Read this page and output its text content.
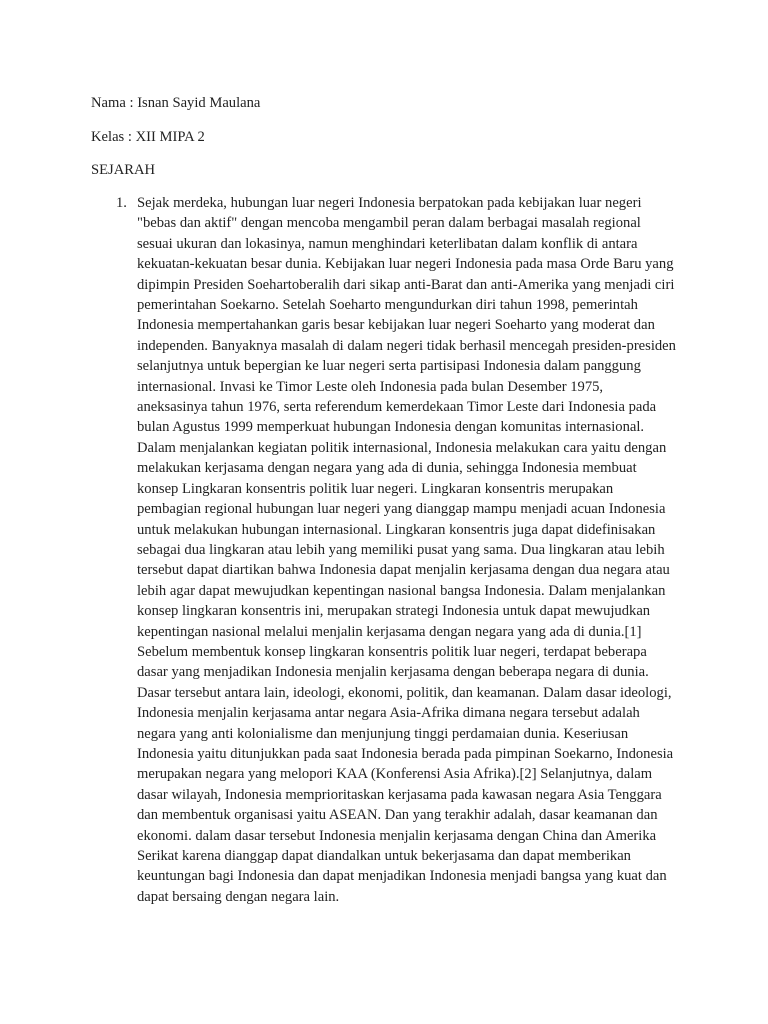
Nama : Isnan Sayid Maulana
Kelas : XII MIPA 2
SEJARAH
1. Sejak merdeka, hubungan luar negeri Indonesia berpatokan pada kebijakan luar negeri "bebas dan aktif" dengan mencoba mengambil peran dalam berbagai masalah regional sesuai ukuran dan lokasinya, namun menghindari keterlibatan dalam konflik di antara kekuatan-kekuatan besar dunia. Kebijakan luar negeri Indonesia pada masa Orde Baru yang dipimpin Presiden Soehartoberalih dari sikap anti-Barat dan anti-Amerika yang menjadi ciri pemerintahan Soekarno. Setelah Soeharto mengundurkan diri tahun 1998, pemerintah Indonesia mempertahankan garis besar kebijakan luar negeri Soeharto yang moderat dan independen. Banyaknya masalah di dalam negeri tidak berhasil mencegah presiden-presiden selanjutnya untuk bepergian ke luar negeri serta partisipasi Indonesia dalam panggung internasional. Invasi ke Timor Leste oleh Indonesia pada bulan Desember 1975, aneksasinya tahun 1976, serta referendum kemerdekaan Timor Leste dari Indonesia pada bulan Agustus 1999 memperkuat hubungan Indonesia dengan komunitas internasional. Dalam menjalankan kegiatan politik internasional, Indonesia melakukan cara yaitu dengan melakukan kerjasama dengan negara yang ada di dunia, sehingga Indonesia membuat konsep Lingkaran konsentris politik luar negeri. Lingkaran konsentris merupakan pembagian regional hubungan luar negeri yang dianggap mampu menjadi acuan Indonesia untuk melakukan hubungan internasional. Lingkaran konsentris juga dapat didefinisakan sebagai dua lingkaran atau lebih yang memiliki pusat yang sama. Dua lingkaran atau lebih tersebut dapat diartikan bahwa Indonesia dapat menjalin kerjasama dengan dua negara atau lebih agar dapat mewujudkan kepentingan nasional bangsa Indonesia. Dalam menjalankan konsep lingkaran konsentris ini, merupakan strategi Indonesia untuk dapat mewujudkan kepentingan nasional melalui menjalin kerjasama dengan negara yang ada di dunia.[1] Sebelum membentuk konsep lingkaran konsentris politik luar negeri, terdapat beberapa dasar yang menjadikan Indonesia menjalin kerjasama dengan beberapa negara di dunia. Dasar tersebut antara lain, ideologi, ekonomi, politik, dan keamanan. Dalam dasar ideologi, Indonesia menjalin kerjasama antar negara Asia-Afrika dimana negara tersebut adalah negara yang anti kolonialisme dan menjunjung tinggi perdamaian dunia. Keseriusan Indonesia yaitu ditunjukkan pada saat Indonesia berada pada pimpinan Soekarno, Indonesia merupakan negara yang melopori KAA (Konferensi Asia Afrika).[2] Selanjutnya, dalam dasar wilayah, Indonesia memprioritaskan kerjasama pada kawasan negara Asia Tenggara dan membentuk organisasi yaitu ASEAN. Dan yang terakhir adalah, dasar keamanan dan ekonomi. dalam dasar tersebut Indonesia menjalin kerjasama dengan China dan Amerika Serikat karena dianggap dapat diandalkan untuk bekerjasama dan dapat memberikan keuntungan bagi Indonesia dan dapat menjadikan Indonesia menjadi bangsa yang kuat dan dapat bersaing dengan negara lain.
